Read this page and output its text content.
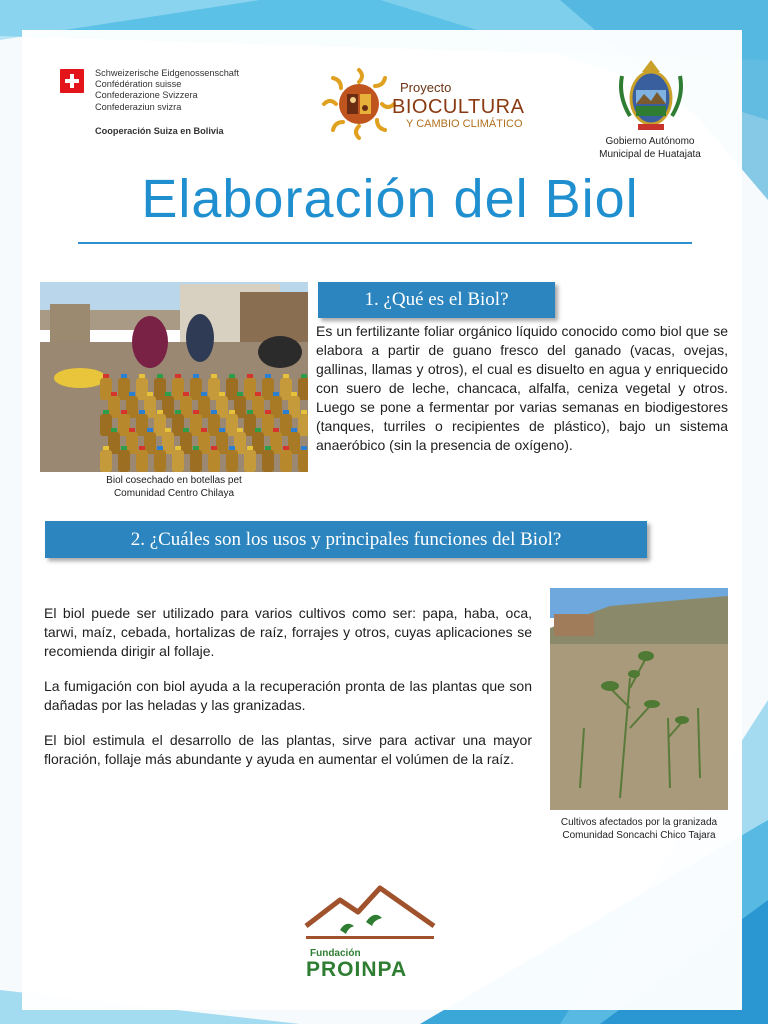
Schweizerische Eidgenossenschaft
Confédération suisse
Confederazione Svizzera
Confederaziun svizra
Cooperación Suiza en Bolivia
Proyecto
BIOCULTURA
Y CAMBIO CLIMÁTICO
Gobierno Autónomo
Municipal de Huatajata
Elaboración del Biol
Biol cosechado en botellas pet
Comunidad Centro Chilaya
1. ¿Qué es el Biol?
Es un fertilizante foliar orgánico líquido conocido como biol que se elabora a partir de guano fresco del ganado (vacas, ovejas, gallinas, llamas y otros), el cual es disuelto en agua y enriquecido con suero de leche, chancaca, alfalfa, ceniza vegetal y otros. Luego se pone a fermentar por varias semanas en biodigestores (tanques, turriles o recipientes de plástico), bajo un sistema anaeróbico (sin la presencia de oxígeno).
2. ¿Cuáles son los usos y principales funciones del Biol?

El biol puede ser utilizado para varios cultivos como ser: papa, haba, oca, tarwi, maíz, cebada, hortalizas de raíz, forrajes y otros, cuyas aplicaciones se recomienda dirigir al follaje.

La fumigación con biol ayuda a la recuperación pronta de las plantas que son dañadas por las heladas y las granizadas.

El biol estimula el desarrollo de las plantas, sirve para activar una mayor floración, follaje más abundante y ayuda en aumentar el volúmen de la raíz.

Cultivos afectados por la granizada
Comunidad Soncachi Chico Tajara
Fundación
PROINPA
